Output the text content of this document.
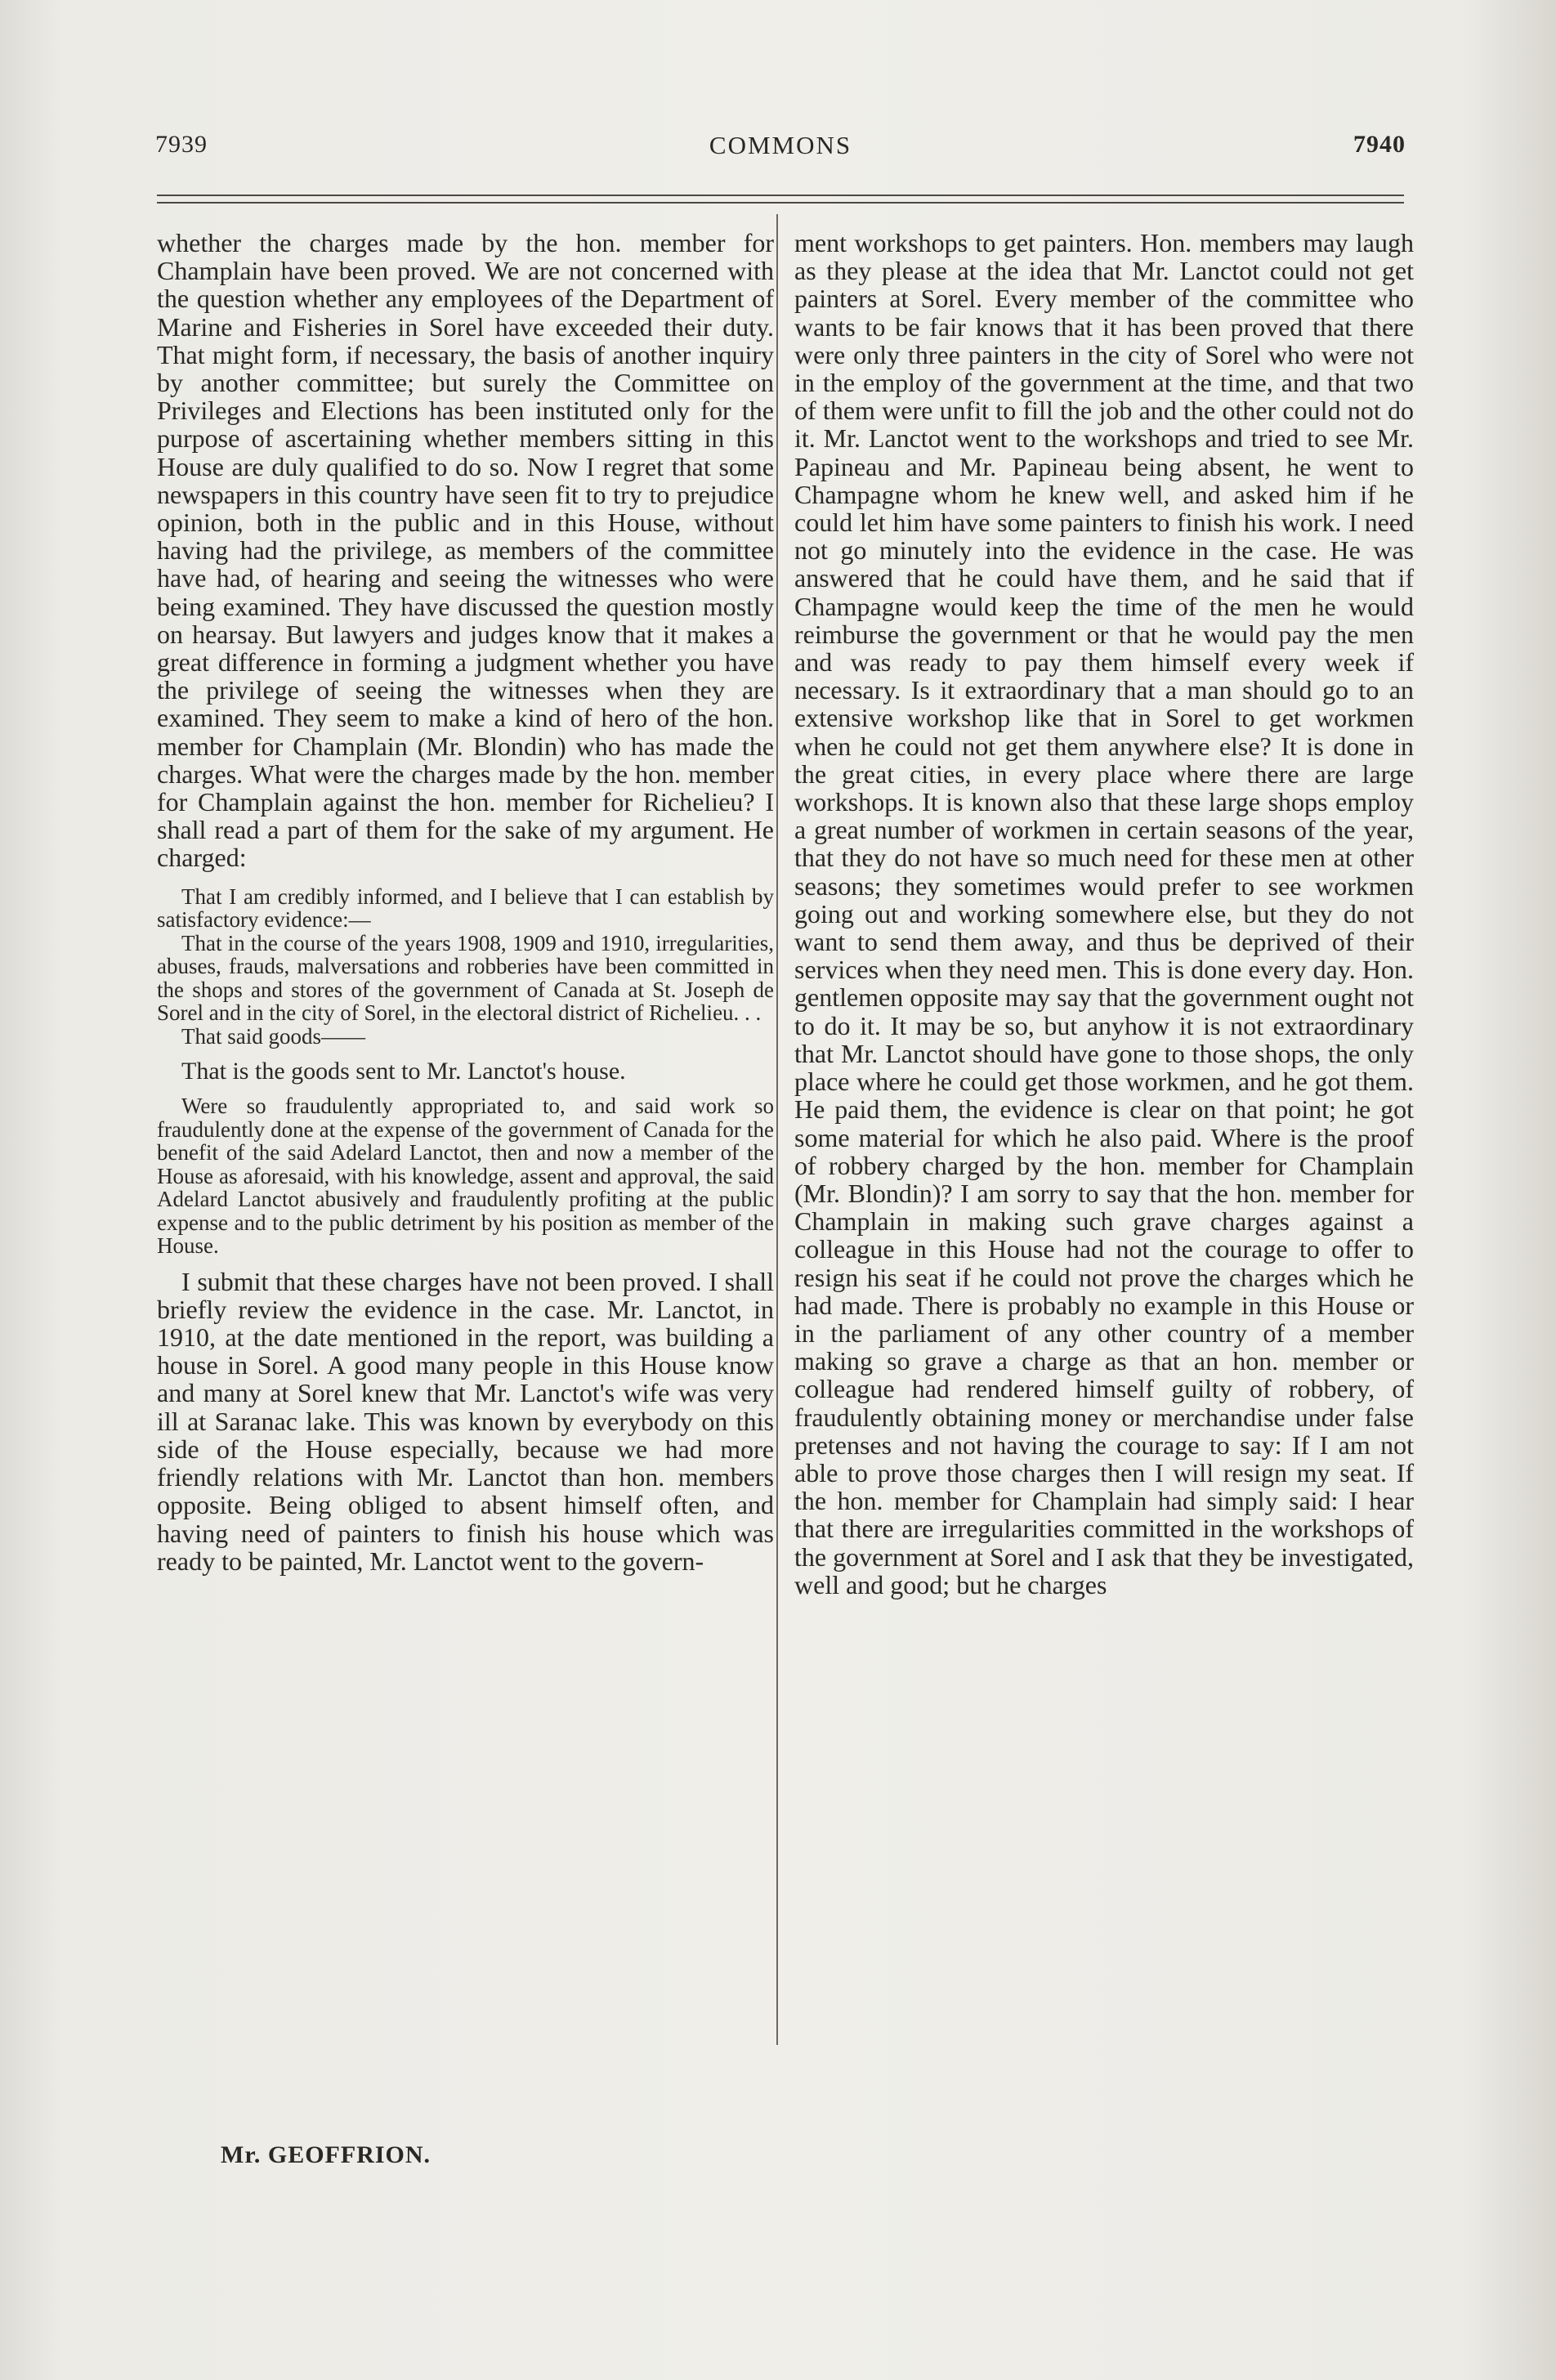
7939	COMMONS	7940

whether the charges made by the hon. member for Champlain have been proved. We are not concerned with the question whether any employees of the Department of Marine and Fisheries in Sorel have exceeded their duty. That might form, if necessary, the basis of another inquiry by another committee; but surely the Committee on Privileges and Elections has been instituted only for the purpose of ascertaining whether members sitting in this House are duly qualified to do so. Now I regret that some newspapers in this country have seen fit to try to prejudice opinion, both in the public and in this House, without having had the privilege, as members of the committee have had, of hearing and seeing the witnesses who were being examined. They have discussed the question mostly on hearsay. But lawyers and judges know that it makes a great difference in forming a judgment whether you have the privilege of seeing the witnesses when they are examined. They seem to make a kind of hero of the hon. member for Champlain (Mr. Blondin) who has made the charges. What were the charges made by the hon. member for Champlain against the hon. member for Richelieu? I shall read a part of them for the sake of my argument. He charged:

That I am credibly informed, and I believe that I can establish by satisfactory evidence:—

That in the course of the years 1908, 1909 and 1910, irregularities, abuses, frauds, malversations and robberies have been committed in the shops and stores of the government of Canada at St. Joseph de Sorel and in the city of Sorel, in the electoral district of Richelieu. . .

That said goods——

That is the goods sent to Mr. Lanctot's house.

Were so fraudulently appropriated to, and said work so fraudulently done at the expense of the government of Canada for the benefit of the said Adelard Lanctot, then and now a member of the House as aforesaid, with his knowledge, assent and approval, the said Adelard Lanctot abusively and fraudulently profiting at the public expense and to the public detriment by his position as member of the House.

I submit that these charges have not been proved. I shall briefly review the evidence in the case. Mr. Lanctot, in 1910, at the date mentioned in the report, was building a house in Sorel. A good many people in this House know and many at Sorel knew that Mr. Lanctot's wife was very ill at Saranac lake. This was known by everybody on this side of the House especially, because we had more friendly relations with Mr. Lanctot than hon. members opposite. Being obliged to absent himself often, and having need of painters to finish his house which was ready to be painted, Mr. Lanctot went to the govern-

ment workshops to get painters. Hon. members may laugh as they please at the idea that Mr. Lanctot could not get painters at Sorel. Every member of the committee who wants to be fair knows that it has been proved that there were only three painters in the city of Sorel who were not in the employ of the government at the time, and that two of them were unfit to fill the job and the other could not do it. Mr. Lanctot went to the workshops and tried to see Mr. Papineau and Mr. Papineau being absent, he went to Champagne whom he knew well, and asked him if he could let him have some painters to finish his work. I need not go minutely into the evidence in the case. He was answered that he could have them, and he said that if Champagne would keep the time of the men he would reimburse the government or that he would pay the men and was ready to pay them himself every week if necessary. Is it extraordinary that a man should go to an extensive workshop like that in Sorel to get workmen when he could not get them anywhere else? It is done in the great cities, in every place where there are large workshops. It is known also that these large shops employ a great number of workmen in certain seasons of the year, that they do not have so much need for these men at other seasons; they sometimes would prefer to see workmen going out and working somewhere else, but they do not want to send them away, and thus be deprived of their services when they need men. This is done every day. Hon. gentlemen opposite may say that the government ought not to do it. It may be so, but anyhow it is not extraordinary that Mr. Lanctot should have gone to those shops, the only place where he could get those workmen, and he got them. He paid them, the evidence is clear on that point; he got some material for which he also paid. Where is the proof of robbery charged by the hon. member for Champlain (Mr. Blondin)? I am sorry to say that the hon. member for Champlain in making such grave charges against a colleague in this House had not the courage to offer to resign his seat if he could not prove the charges which he had made. There is probably no example in this House or in the parliament of any other country of a member making so grave a charge as that an hon. member or colleague had rendered himself guilty of robbery, of fraudulently obtaining money or merchandise under false pretenses and not having the courage to say: If I am not able to prove those charges then I will resign my seat. If the hon. member for Champlain had simply said: I hear that there are irregularities committed in the workshops of the government at Sorel and I ask that they be investigated, well and good; but he charges

Mr. GEOFFRION.
